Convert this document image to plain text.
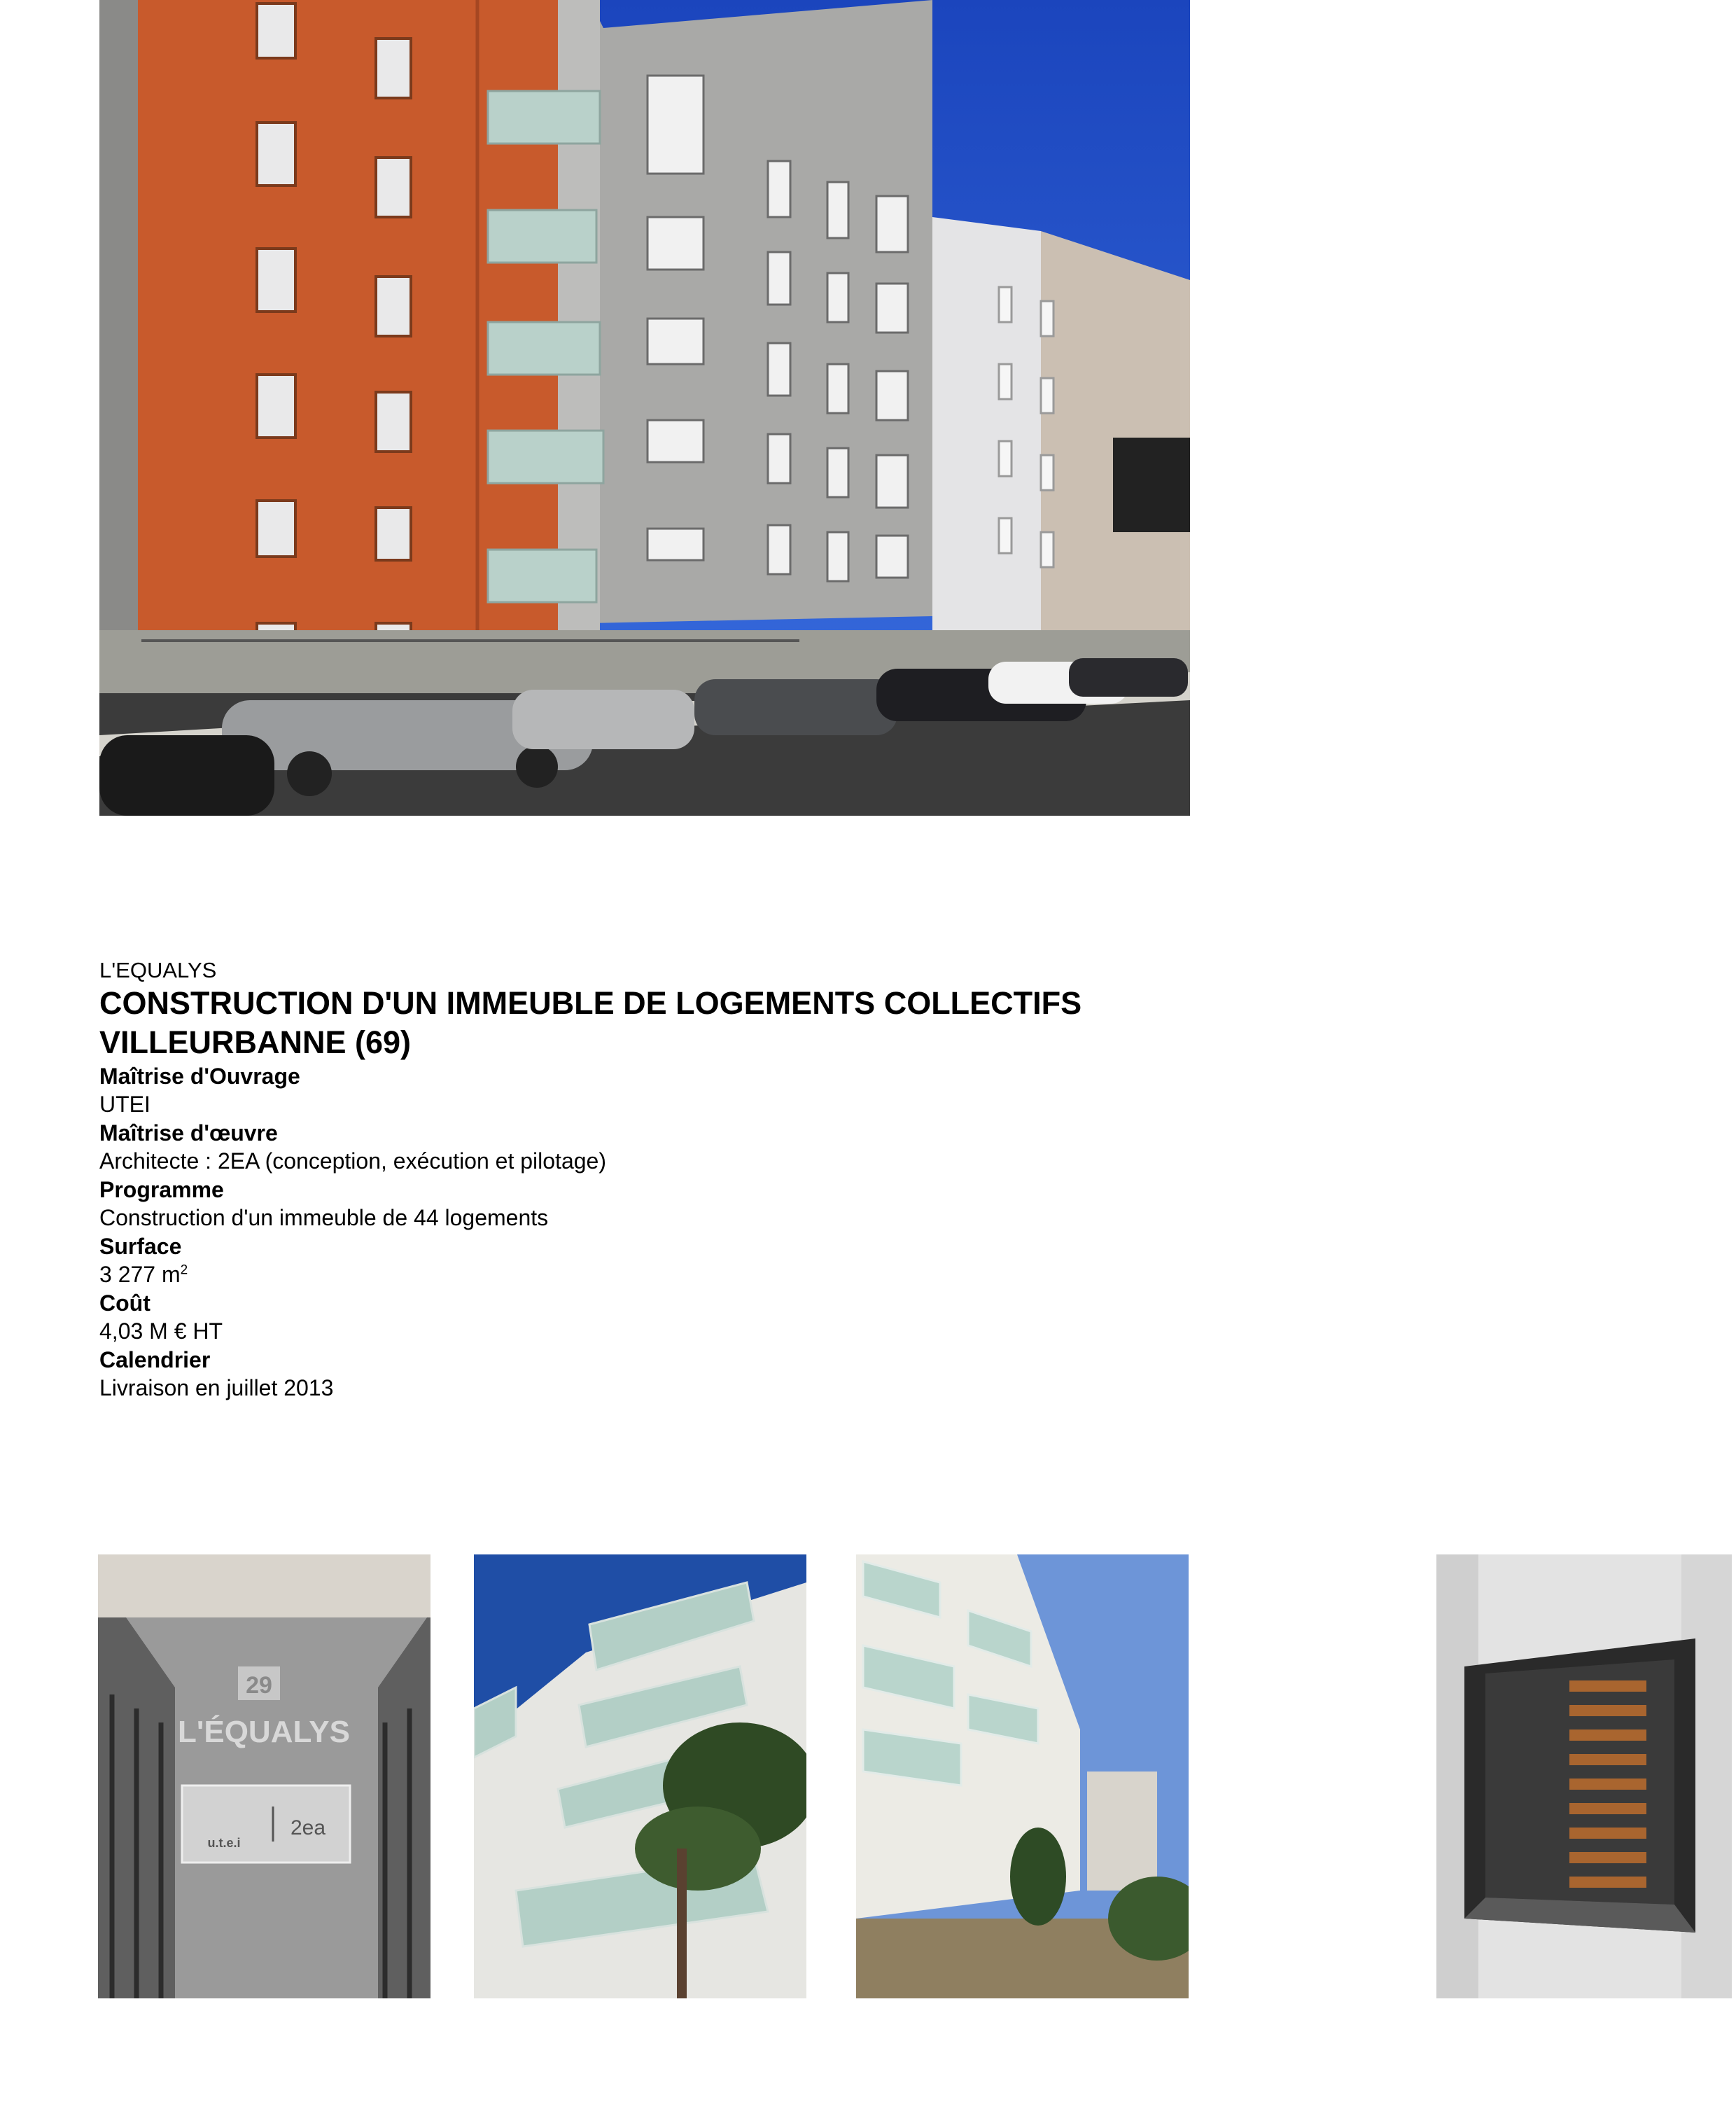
L'EQUALYS
CONSTRUCTION D'UN IMMEUBLE DE LOGEMENTS COLLECTIFS
VILLEURBANNE (69)
Maîtrise d'Ouvrage
UTEI
Maîtrise d'œuvre
Architecte : 2EA (conception, exécution et pilotage)
Programme
Construction d'un immeuble de 44 logements
Surface
3 277 $m^2$
Coût
4,03 M € HT
Calendrier
Livraison en juillet 2013
29
L'ÉQUALYS
u.t.e.i
2ea
